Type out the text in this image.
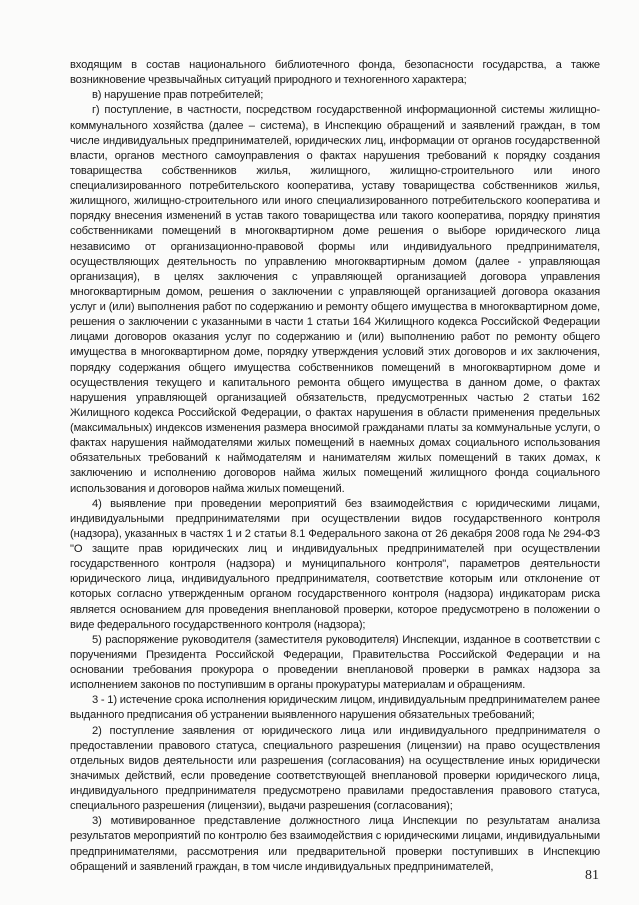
входящим в состав национального библиотечного фонда, безопасности государства, а также возникновение чрезвычайных ситуаций природного и техногенного характера;

в) нарушение прав потребителей;

г) поступление, в частности, посредством государственной информационной системы жилищно-коммунального хозяйства (далее – система), в Инспекцию обращений и заявлений граждан, в том числе индивидуальных предпринимателей, юридических лиц, информации от органов государственной власти, органов местного самоуправления о фактах нарушения требований к порядку создания товарищества собственников жилья, жилищного, жилищно-строительного или иного специализированного потребительского кооператива, уставу товарищества собственников жилья, жилищного, жилищно-строительного или иного специализированного потребительского кооператива и порядку внесения изменений в устав такого товарищества или такого кооператива, порядку принятия собственниками помещений в многоквартирном доме решения о выборе юридического лица независимо от организационно-правовой формы или индивидуального предпринимателя, осуществляющих деятельность по управлению многоквартирным домом (далее - управляющая организация), в целях заключения с управляющей организацией договора управления многоквартирным домом, решения о заключении с управляющей организацией договора оказания услуг и (или) выполнения работ по содержанию и ремонту общего имущества в многоквартирном доме, решения о заключении с указанными в части 1 статьи 164 Жилищного кодекса Российской Федерации лицами договоров оказания услуг по содержанию и (или) выполнению работ по ремонту общего имущества в многоквартирном доме, порядку утверждения условий этих договоров и их заключения, порядку содержания общего имущества собственников помещений в многоквартирном доме и осуществления текущего и капитального ремонта общего имущества в данном доме, о фактах нарушения управляющей организацией обязательств, предусмотренных частью 2 статьи 162 Жилищного кодекса Российской Федерации, о фактах нарушения в области применения предельных (максимальных) индексов изменения размера вносимой гражданами платы за коммунальные услуги, о фактах нарушения наймодателями жилых помещений в наемных домах социального использования обязательных требований к наймодателям и нанимателям жилых помещений в таких домах, к заключению и исполнению договоров найма жилых помещений жилищного фонда социального использования и договоров найма жилых помещений.

4) выявление при проведении мероприятий без взаимодействия с юридическими лицами, индивидуальными предпринимателями при осуществлении видов государственного контроля (надзора), указанных в частях 1 и 2 статьи 8.1 Федерального закона от 26 декабря 2008 года № 294-ФЗ "О защите прав юридических лиц и индивидуальных предпринимателей при осуществлении государственного контроля (надзора) и муниципального контроля", параметров деятельности юридического лица, индивидуального предпринимателя, соответствие которым или отклонение от которых согласно утвержденным органом государственного контроля (надзора) индикаторам риска является основанием для проведения внеплановой проверки, которое предусмотрено в положении о виде федерального государственного контроля (надзора);

5) распоряжение руководителя (заместителя руководителя) Инспекции, изданное в соответствии с поручениями Президента Российской Федерации, Правительства Российской Федерации и на основании требования прокурора о проведении внеплановой проверки в рамках надзора за исполнением законов по поступившим в органы прокуратуры материалам и обращениям.

3 - 1) истечение срока исполнения юридическим лицом, индивидуальным предпринимателем ранее выданного предписания об устранении выявленного нарушения обязательных требований;

2) поступление заявления от юридического лица или индивидуального предпринимателя о предоставлении правового статуса, специального разрешения (лицензии) на право осуществления отдельных видов деятельности или разрешения (согласования) на осуществление иных юридически значимых действий, если проведение соответствующей внеплановой проверки юридического лица, индивидуального предпринимателя предусмотрено правилами предоставления правового статуса, специального разрешения (лицензии), выдачи разрешения (согласования);

3) мотивированное представление должностного лица Инспекции по результатам анализа результатов мероприятий по контролю без взаимодействия с юридическими лицами, индивидуальными предпринимателями, рассмотрения или предварительной проверки поступивших в Инспекцию обращений и заявлений граждан, в том числе индивидуальных предпринимателей,

81
